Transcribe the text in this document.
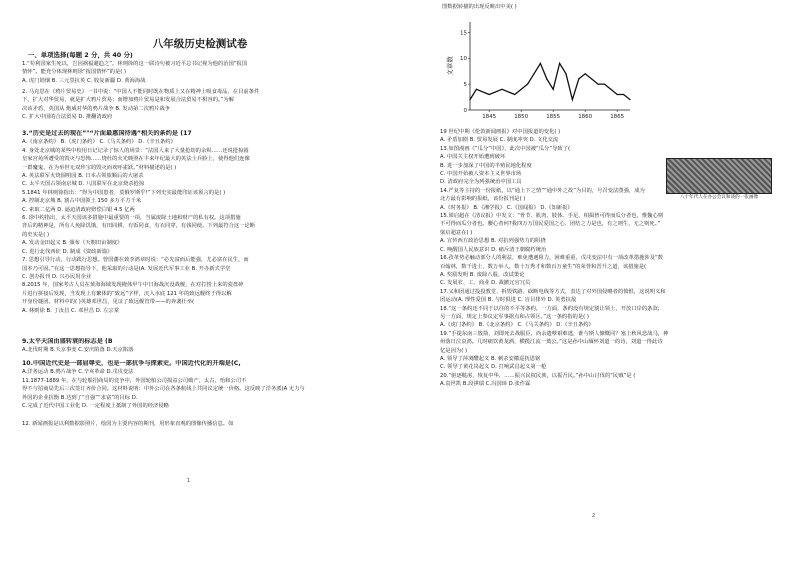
八年级历史检测试卷
一、单项选择(每题 2 分，共 40 分)

1.“苟利国家生死以，岂因祸福避趋之”。林则徐的这一联诗句被习近平总书记视为他的治国“报国

情怀”。能充分体现林则徐“报国情怀”的是( )

A. 虎门销烟 B. 三元里抗英 C. 收复新疆 D. 黄海海战

2. 马克思在《鸦片贸易史》一书中说：“中国人不能同时既在物质上又在精神上吸食毒品，在目前条件

下，扩大对华贸易，就是扩大鸦片贸易；而增加鸦片贸易是和发展合法贸易不相容的。”为解

决该矛盾，英国从 炮威对华的鸦片战争 B. 发动第二次鸦片战争

C. 扩大中国的合法贸易 D. 推翻清政府

3.“历史是过去的现在”"“片面最惠国待遇”相关的条约是 (17

A.《南京条约》 B.《虎门条约》 C.《马关条约》 D.《辛丑条约》

4. 身处北京城的某些中校用日记记录了惊人的场景：“法国人来了大量抢劫的余烬……还说抢掠圆

皇家宫苑所遭受的毁灭与恐怖……烧杜的火光映照在丰来年纪最大的英法士兵脸上，使得他们连像

一群魔鬼，在为举世无双珍宝的毁灭而欢呼雀跃。”材料描述的是( )

A. 英法联军火烧圆明园 B. 日本占领旅顺后的大屠杀

C. 太平天国占领南京城 D. 八国联军在北京烧杀抢掠

5.1841 年林则徐指出：“得为中国患者，莫俄罗斯乎!”下列史实最能印证该预言的是( )

A. 控制北京城 B. 割占中国领土 150 多万平方千米

C. 索取二亿两 D. 逼迫清政府赔偿白银 4.5 亿两

6. 徐中约指出，太平天国该多措施中最重要的一项，当属废除土地和财产的私有权。这项措施

背后的精神是，所有人免除饥饿，有田同耕，有饭同食，有衣同穿，有钱同使。下列最符合这一论断

的史实是( )

A. 发动金田起义 B. 颁布《天朝田亩制度》

C. 进行北伐西征 D. 制成《资政新篇》

7. 思想引导行动，行动践行思想。曾国藩在致李鸿章时说：“必先富而后能强，尤必富在民生，而

国本乃可固。”在这一思想指导下，他采取的行动是(A. 发展近代军事工业 B. 开办新式学堂

C. 创办报刊 D. 兴办民用企业

8.2015 年，国家考古人员在黄海海域发现掩体甲午中日海战沉没战舰，在对打捞上来的瓷盘碎

片进行拼接后发现，当发现上有繁体的“致远”字样，沉入水底 121 年的致远舰终于得以解

开身份谜团。材料中的( )英雄邓世昌，见证了致远舰管带——的奔袭壮举(

A. 林则徐 B. 丁汝昌 C. 邓世昌 D. 左宗棠

9.太平天国由盛转衰的标志是 (B

A.北伐时期 B.天京事变 C.安庆陷落 D.天京陷落

10.中国近代史是一部屈辱史，也是一部抗争与探索史。中国近代化的开端是(C,

A.洋务运动 B.鸦片战争 C.辛亥革命 D.戊戌变法

11.1877-1889 年，在与轮船招商局的竞争中，外国轮船公司损益公司破产，太古、怡和公司不

得不与招商局先后三次签订齐价合同。这材料说明：中外公司在各条航线上共同议定统一价格。这反映了洋务派(A 无力与

外国的企业抗衡 B.达到了“自强”“求富”的目标 D.

C.完成了近代中国工业化 D. 一定程度上抵制了外国的经济侵略

12. 新闻画报是以利数据影照片，绘国为主要内容的期刊，用形象直观的图像传播信息。如

1
图数据转描的出现反映出中美( )
0
5
10
15
1845	1850	1855	1860	1865
文章数
八十年代人在办公会议和谈的一张画像

19 世纪中期《伦敦新闻画报》对中国报道的变化( )

A. 矛盾加剧 B. 贸易发展 C. 制度冲突 D. 文化交流

13.如图漫画《“瓜分”中国》，此次中国被“瓜分”导致了(

A. 中国关主权开始遭到破坏

B. 进一步加深了中国的半殖民地化程度

C. 中国开始被人资本主义世界市场

D. 清政府完全为列强统治中国工具

14.严复等主持的一份报纸，以“通上下之情”“通中外之故”为目的，号召变法图强，成为

北方最有影响的报纸，该份报刊是( )

A.《时务报》 B.《湘学报》 C.《国闻报》 D.《知新报》

15.梁启超在《清议报》中发文：“骨节、肌肉、肢体、手足、相揖皆可得而瓜分者也，惟魏心则

不可得而瓜分者也。腰心者何?我四万万国民爱国之心、团结之力是也，有之则生，无之则死。”

梁启超意在( )

A. 宣传西方政治思想 B. 对抗列强势力的阻挠

C. 唤醒国人民族意识 D. 痛斥清王朝腐朽统治

16.孜革势必触动部分人的利益，难免遭遇阻力，困难重重，戊戌变法中有一项改革措施涉及“数

百翰林，数千进士，数万举人，数十万秀才和数百万童生”的荣誉和晋升之道，该措施是(

A. 奖励发明 B. 废除八股，改试策论

C. 发展农、工、商业 D. 裁撤冗官冗员

17.义和团通过投投教堂、拆毁铁路、砍断电线等方式，表达了对外国侵略者的愤恨，这说明义和

团运动(A. 理性爱国 B. 与时俱进 C. 盲目排外 D. 英勇抗敌

18.“这一条约还不同于以往的不平等条约，一方面，条约没有规定割让领土，开放口岸的条款;

另一方面，规定上参议定军事据点和占领区。”这一条约指的是( )

A.《虎门条约》 B.《北京条约》 C.《马关条约》 D.《辛丑条约》

19.“手提东南三簇箭，刘即死去战服臣，尚余遗孽艰难逃，谁与斯人慷慨同？塞上秋风悲战马，神

州落日泣哀鸿。几时痛饮黄龙酒，横揽江流一奠公。”这是孙中山缅怀刘道一的诗，刘道一得此诗

忆是因为( )

A. 领导了萍浏醴起义 B. 刺杀安徽巡抚恩铭

C. 领导了黄花岗起义 D. 打响武昌起义第一枪

20.“驱逐鞑虏，恢复中华，……振兴民权民族，以振吾民。”孙中山讨伐的“民贼”是 (

A.袁世凯 B.段祺瑞 C.冯国璋 D.张作霖

2
